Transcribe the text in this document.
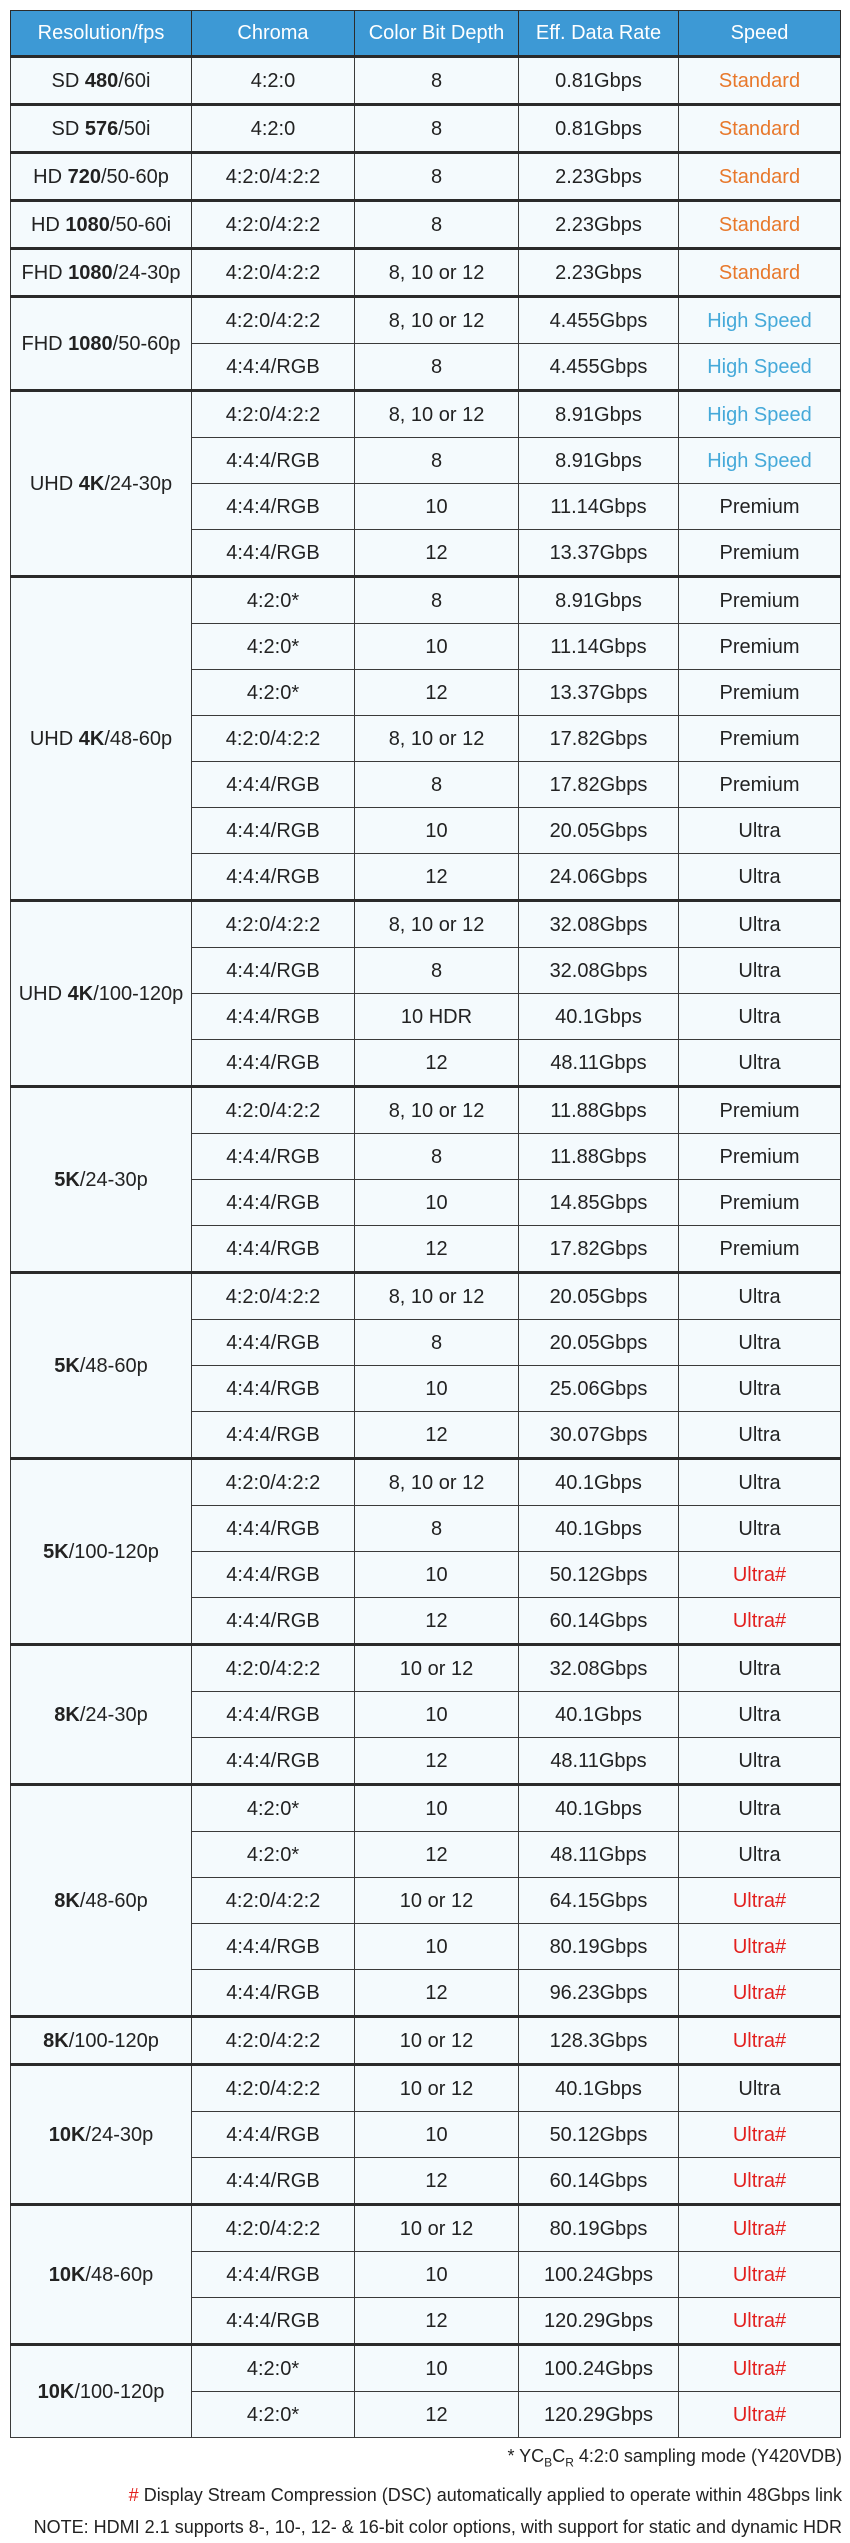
Resolution/fps	Chroma	Color Bit Depth	Eff. Data Rate	Speed
SD 480/60i	4:2:0	8	0.81Gbps	Standard
SD 576/50i	4:2:0	8	0.81Gbps	Standard
HD 720/50-60p	4:2:0/4:2:2	8	2.23Gbps	Standard
HD 1080/50-60i	4:2:0/4:2:2	8	2.23Gbps	Standard
FHD 1080/24-30p	4:2:0/4:2:2	8, 10 or 12	2.23Gbps	Standard
FHD 1080/50-60p	4:2:0/4:2:2	8, 10 or 12	4.455Gbps	High Speed
	4:4:4/RGB	8	4.455Gbps	High Speed
UHD 4K/24-30p	4:2:0/4:2:2	8, 10 or 12	8.91Gbps	High Speed
	4:4:4/RGB	8	8.91Gbps	High Speed
	4:4:4/RGB	10	11.14Gbps	Premium
	4:4:4/RGB	12	13.37Gbps	Premium
UHD 4K/48-60p	4:2:0*	8	8.91Gbps	Premium
	4:2:0*	10	11.14Gbps	Premium
	4:2:0*	12	13.37Gbps	Premium
	4:2:0/4:2:2	8, 10 or 12	17.82Gbps	Premium
	4:4:4/RGB	8	17.82Gbps	Premium
	4:4:4/RGB	10	20.05Gbps	Ultra
	4:4:4/RGB	12	24.06Gbps	Ultra
UHD 4K/100-120p	4:2:0/4:2:2	8, 10 or 12	32.08Gbps	Ultra
	4:4:4/RGB	8	32.08Gbps	Ultra
	4:4:4/RGB	10 HDR	40.1Gbps	Ultra
	4:4:4/RGB	12	48.11Gbps	Ultra
5K/24-30p	4:2:0/4:2:2	8, 10 or 12	11.88Gbps	Premium
	4:4:4/RGB	8	11.88Gbps	Premium
	4:4:4/RGB	10	14.85Gbps	Premium
	4:4:4/RGB	12	17.82Gbps	Premium
5K/48-60p	4:2:0/4:2:2	8, 10 or 12	20.05Gbps	Ultra
	4:4:4/RGB	8	20.05Gbps	Ultra
	4:4:4/RGB	10	25.06Gbps	Ultra
	4:4:4/RGB	12	30.07Gbps	Ultra
5K/100-120p	4:2:0/4:2:2	8, 10 or 12	40.1Gbps	Ultra
	4:4:4/RGB	8	40.1Gbps	Ultra
	4:4:4/RGB	10	50.12Gbps	Ultra#
	4:4:4/RGB	12	60.14Gbps	Ultra#
8K/24-30p	4:2:0/4:2:2	10 or 12	32.08Gbps	Ultra
	4:4:4/RGB	10	40.1Gbps	Ultra
	4:4:4/RGB	12	48.11Gbps	Ultra
8K/48-60p	4:2:0*	10	40.1Gbps	Ultra
	4:2:0*	12	48.11Gbps	Ultra
	4:2:0/4:2:2	10 or 12	64.15Gbps	Ultra#
	4:4:4/RGB	10	80.19Gbps	Ultra#
	4:4:4/RGB	12	96.23Gbps	Ultra#
8K/100-120p	4:2:0/4:2:2	10 or 12	128.3Gbps	Ultra#
10K/24-30p	4:2:0/4:2:2	10 or 12	40.1Gbps	Ultra
	4:4:4/RGB	10	50.12Gbps	Ultra#
	4:4:4/RGB	12	60.14Gbps	Ultra#
10K/48-60p	4:2:0/4:2:2	10 or 12	80.19Gbps	Ultra#
	4:4:4/RGB	10	100.24Gbps	Ultra#
	4:4:4/RGB	12	120.29Gbps	Ultra#
10K/100-120p	4:2:0*	10	100.24Gbps	Ultra#
	4:2:0*	12	120.29Gbps	Ultra#
* $YC_BC_R$ 4:2:0 sampling mode (Y420VDB)
# Display Stream Compression (DSC) automatically applied to operate within 48Gbps link
NOTE: HDMI 2.1 supports 8-, 10-, 12- & 16-bit color options, with support for static and dynamic HDR
